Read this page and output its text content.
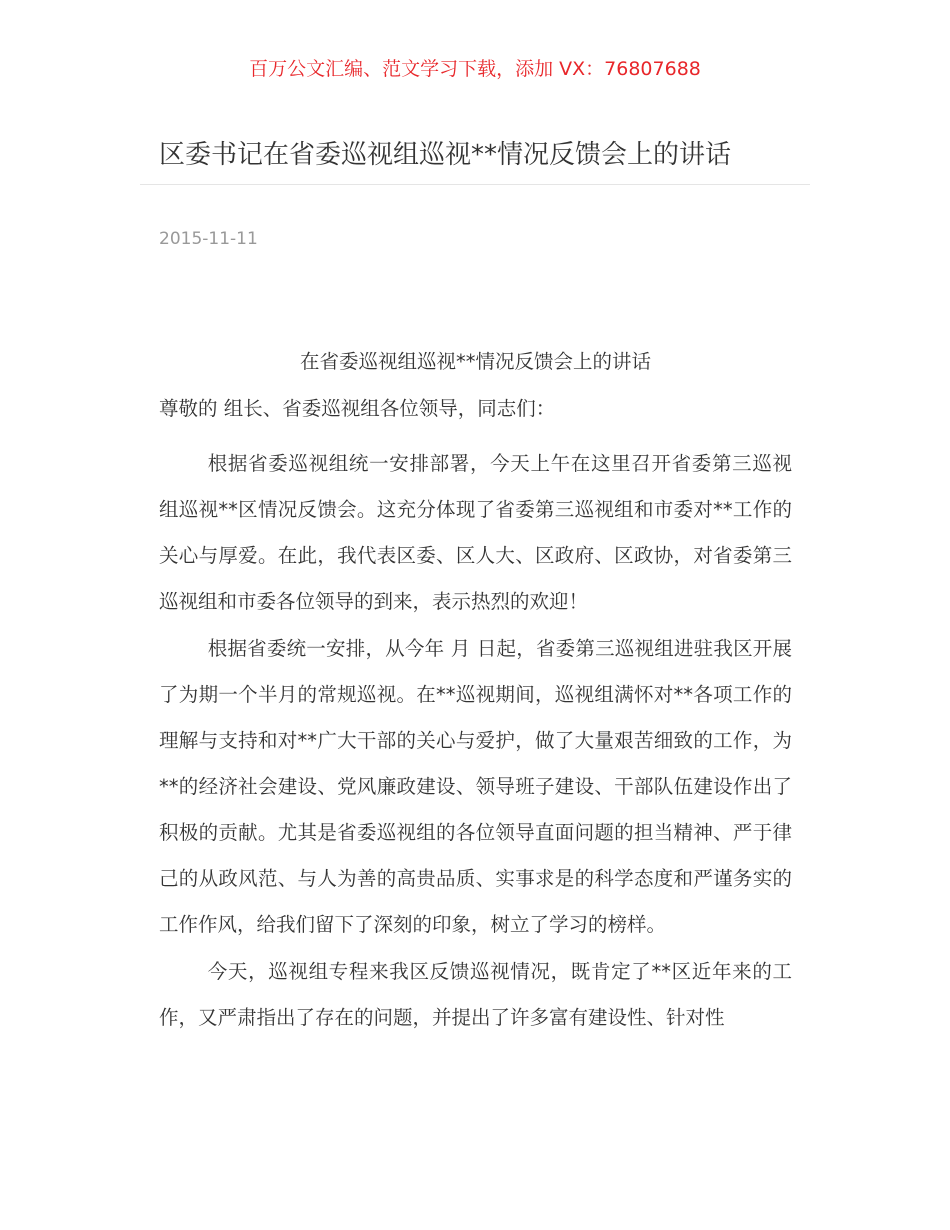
百万公文汇编、范文学习下载，添加 VX：76807688
区委书记在省委巡视组巡视**情况反馈会上的讲话
2015-11-11
在省委巡视组巡视**情况反馈会上的讲话
尊敬的 组长、省委巡视组各位领导，同志们：

根据省委巡视组统一安排部署，今天上午在这里召开省委第三巡视组巡视**区情况反馈会。这充分体现了省委第三巡视组和市委对**工作的关心与厚爱。在此，我代表区委、区人大、区政府、区政协，对省委第三巡视组和市委各位领导的到来，表示热烈的欢迎！

根据省委统一安排，从今年 月 日起，省委第三巡视组进驻我区开展了为期一个半月的常规巡视。在**巡视期间，巡视组满怀对**各项工作的理解与支持和对**广大干部的关心与爱护，做了大量艰苦细致的工作，为**的经济社会建设、党风廉政建设、领导班子建设、干部队伍建设作出了积极的贡献。尤其是省委巡视组的各位领导直面问题的担当精神、严于律己的从政风范、与人为善的高贵品质、实事求是的科学态度和严谨务实的工作作风，给我们留下了深刻的印象，树立了学习的榜样。

今天，巡视组专程来我区反馈巡视情况，既肯定了**区近年来的工作，又严肃指出了存在的问题，并提出了许多富有建设性、针对性
